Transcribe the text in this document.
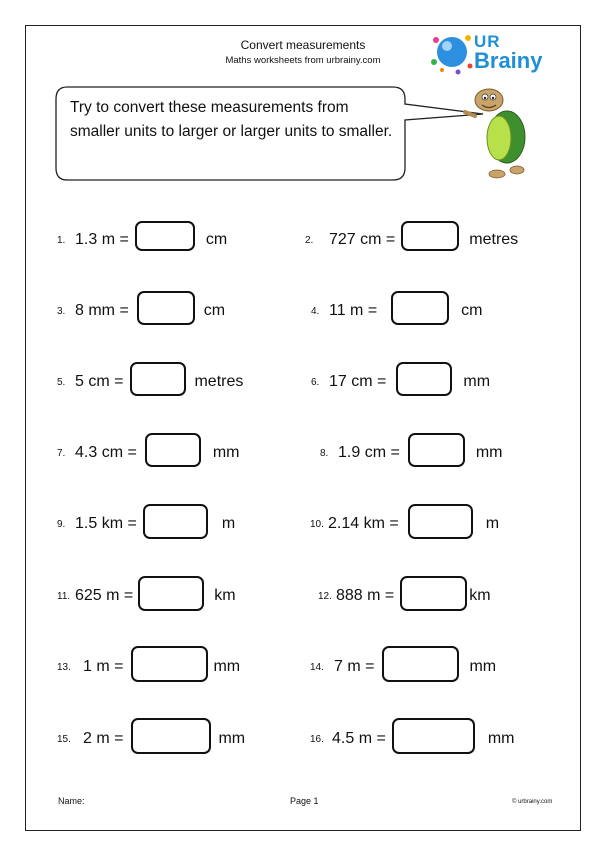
Convert measurements
Maths worksheets from urbrainy.com
UR
Brainy
Try to convert these measurements from smaller units to larger or larger units to smaller.
1. 1.3 m =	cm	2. 727 cm =	metres
3. 8 mm =	cm	4. 11 m =	cm
5. 5 cm =	metres	6. 17 cm =	mm
7. 4.3 cm =	mm	8. 1.9 cm =	mm
9. 1.5 km =	m	10. 2.14 km =	m
11. 625 m =	km	12. 888 m =	km
13. 1 m =	mm	14. 7 m =	mm
15. 2 m =	mm	16. 4.5 m =	mm
Name:	Page 1	© urbrainy.com
